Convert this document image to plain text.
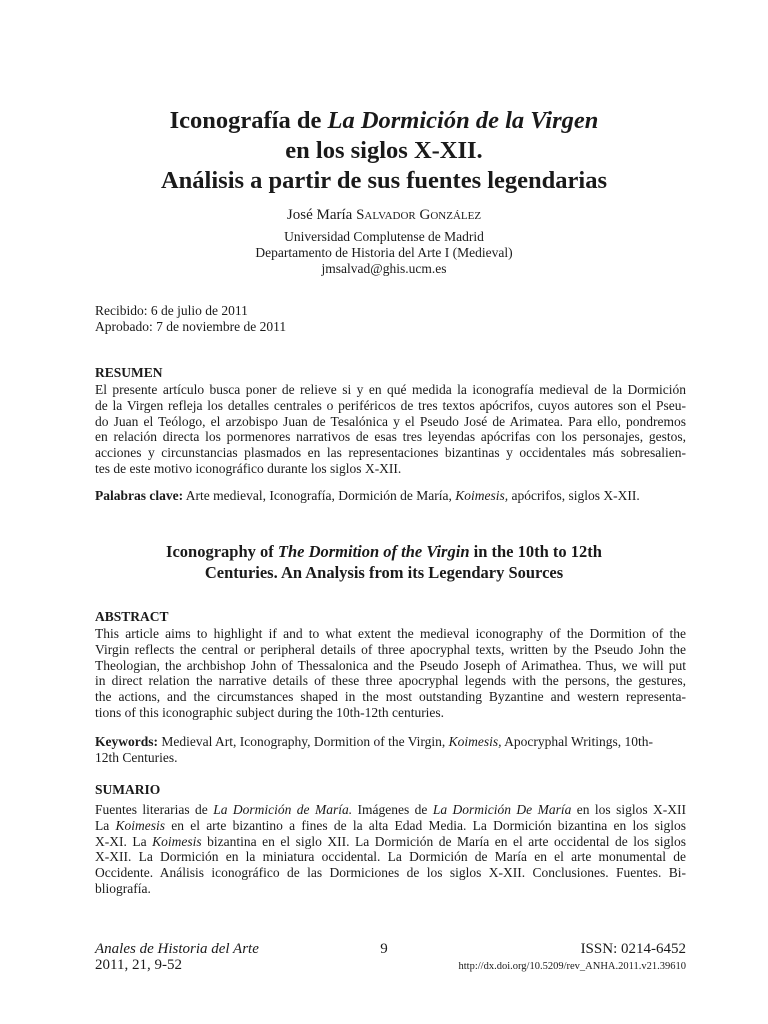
Iconografía de La Dormición de la Virgen
en los siglos X-XII.
Análisis a partir de sus fuentes legendarias
José María Salvador González
Universidad Complutense de Madrid
Departamento de Historia del Arte I (Medieval)
jmsalvad@ghis.ucm.es
Recibido: 6 de julio de 2011
Aprobado: 7 de noviembre de 2011
RESUMEN
El presente artículo busca poner de relieve si y en qué medida la iconografía medieval de la Dormición
de la Virgen refleja los detalles centrales o periféricos de tres textos apócrifos, cuyos autores son el Pseu-
do Juan el Teólogo, el arzobispo Juan de Tesalónica y el Pseudo José de Arimatea. Para ello, pondremos
en relación directa los pormenores narrativos de esas tres leyendas apócrifas con los personajes, gestos,
acciones y circunstancias plasmados en las representaciones bizantinas y occidentales más sobresalien-
tes de este motivo iconográfico durante los siglos X-XII.
Palabras clave: Arte medieval, Iconografía, Dormición de María, Koimesis, apócrifos, siglos X-XII.
Iconography of The Dormition of the Virgin in the 10th to 12th
Centuries. An Analysis from its Legendary Sources
ABSTRACT
This article aims to highlight if and to what extent the medieval iconography of the Dormition of the
Virgin reflects the central or peripheral details of three apocryphal texts, written by the Pseudo John the
Theologian, the archbishop John of Thessalonica and the Pseudo Joseph of Arimathea. Thus, we will put
in direct relation the narrative details of these three apocryphal legends with the persons, the gestures,
the actions, and the circumstances shaped in the most outstanding Byzantine and western representa-
tions of this iconographic subject during the 10th-12th centuries.
Keywords: Medieval Art, Iconography, Dormition of the Virgin, Koimesis, Apocryphal Writings, 10th-
12th Centuries.
SUMARIO
Fuentes literarias de La Dormición de María. Imágenes de La Dormición De María en los siglos X-XII
La Koimesis en el arte bizantino a fines de la alta Edad Media. La Dormición bizantina en los siglos
X-XI. La Koimesis bizantina en el siglo XII. La Dormición de María en el arte occidental de los siglos
X-XII. La Dormición en la miniatura occidental. La Dormición de María en el arte monumental de
Occidente. Análisis iconográfico de las Dormiciones de los siglos X-XII. Conclusiones. Fuentes. Bi-
bliografía.
Anales de Historia del Arte
2011, 21, 9-52
9	ISSN: 0214-6452
http://dx.doi.org/10.5209/rev_ANHA.2011.v21.39610
